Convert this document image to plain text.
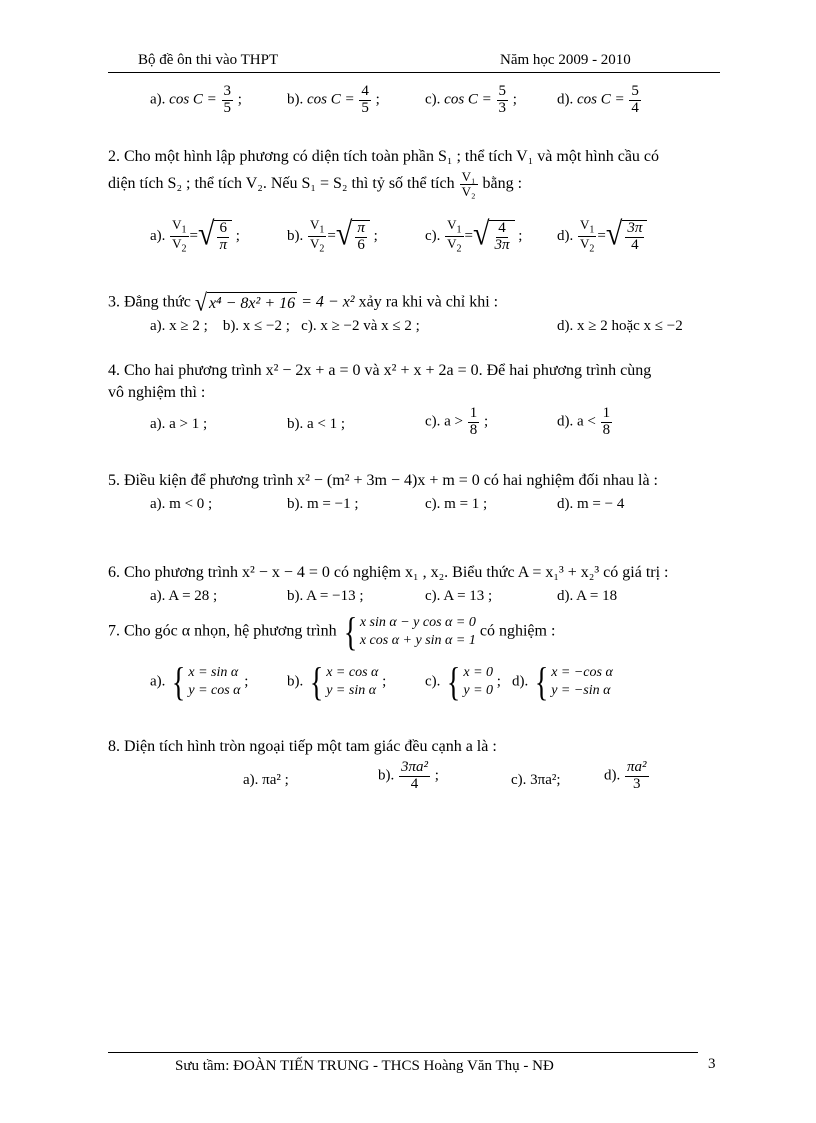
Bộ đề ôn thi vào THPT	Năm học 2009 - 2010
a). $\cos C = \frac{3}{5}$ ;	b). $\cos C = \frac{4}{5}$ ;	c). $\cos C = \frac{5}{3}$ ;	d). $\cos C = \frac{5}{4}$
2. Cho một hình lập phương có diện tích toàn phần S₁ ; thể tích V₁ và một hình cầu có
diện tích S₂ ; thể tích V₂. Nếu S₁ = S₂ thì tỷ số thể tích $\frac{\text{V₁}}{\text{V₂}}$ bằng :
a). $\frac{V_1}{V_2}$ = √ $\frac{6}{\pi}$ ;	b). $\frac{V_1}{V_2}$ = √ $\frac{\pi}{6}$ ;	c). $\frac{V_1}{V_2}$ = √ $\frac{4}{3\pi}$ ; d). $\frac{V_1}{V_2}$ = √ $\frac{3\pi}{4}$
3. Đẳng thức √ x⁴ − 8x² + 16 = 4 − x² xảy ra khi và chỉ khi :
a). x ≥ 2 ; b). x ≤ −2 ; c). x ≥ −2 và x ≤ 2 ;	d). x ≥ 2 hoặc x ≤ −2
4. Cho hai phương trình x² − 2x + a = 0 và x² + x + 2a = 0. Để hai phương trình cùng
vô nghiệm thì :
a). a > 1 ;	b). a < 1 ;	c). $a > \frac{1}{8}$ ;	d). $a < \frac{1}{8}$
5. Điều kiện để phương trình x² − (m² + 3m − 4)x + m = 0 có hai nghiệm đối nhau là :
a). m < 0 ;	b). m = −1 ;	c). m = 1 ;	d). m = − 4
6. Cho phương trình x² − x − 4 = 0 có nghiệm x₁ , x₂. Biểu thức A = x₁³ + x₂³ có giá trị :
a). A = 28 ;	b). A = −13 ;	c). A = 13 ;	d). A = 18
7. Cho góc α nhọn, hệ phương trình { x sin α − y cos α = 0
x cos α + y sin α = 1
có nghiệm :
a). { x = sin α
y = cos α
;	b). { x = cos α
y = sin α
;	c). { x = 0
y = 0
; d). { x = −cos α
y = −sin α
8. Diện tích hình tròn ngoại tiếp một tam giác đều cạnh a là :
a). πa² ;	b). $\frac{\text{3πa²}}{4}$ ;	c). 3πa²;	d). $\frac{\text{πa²}}{3}$
Sưu tầm: ĐOÀN TIẾN TRUNG - THCS Hoàng Văn Thụ - NĐ	3
